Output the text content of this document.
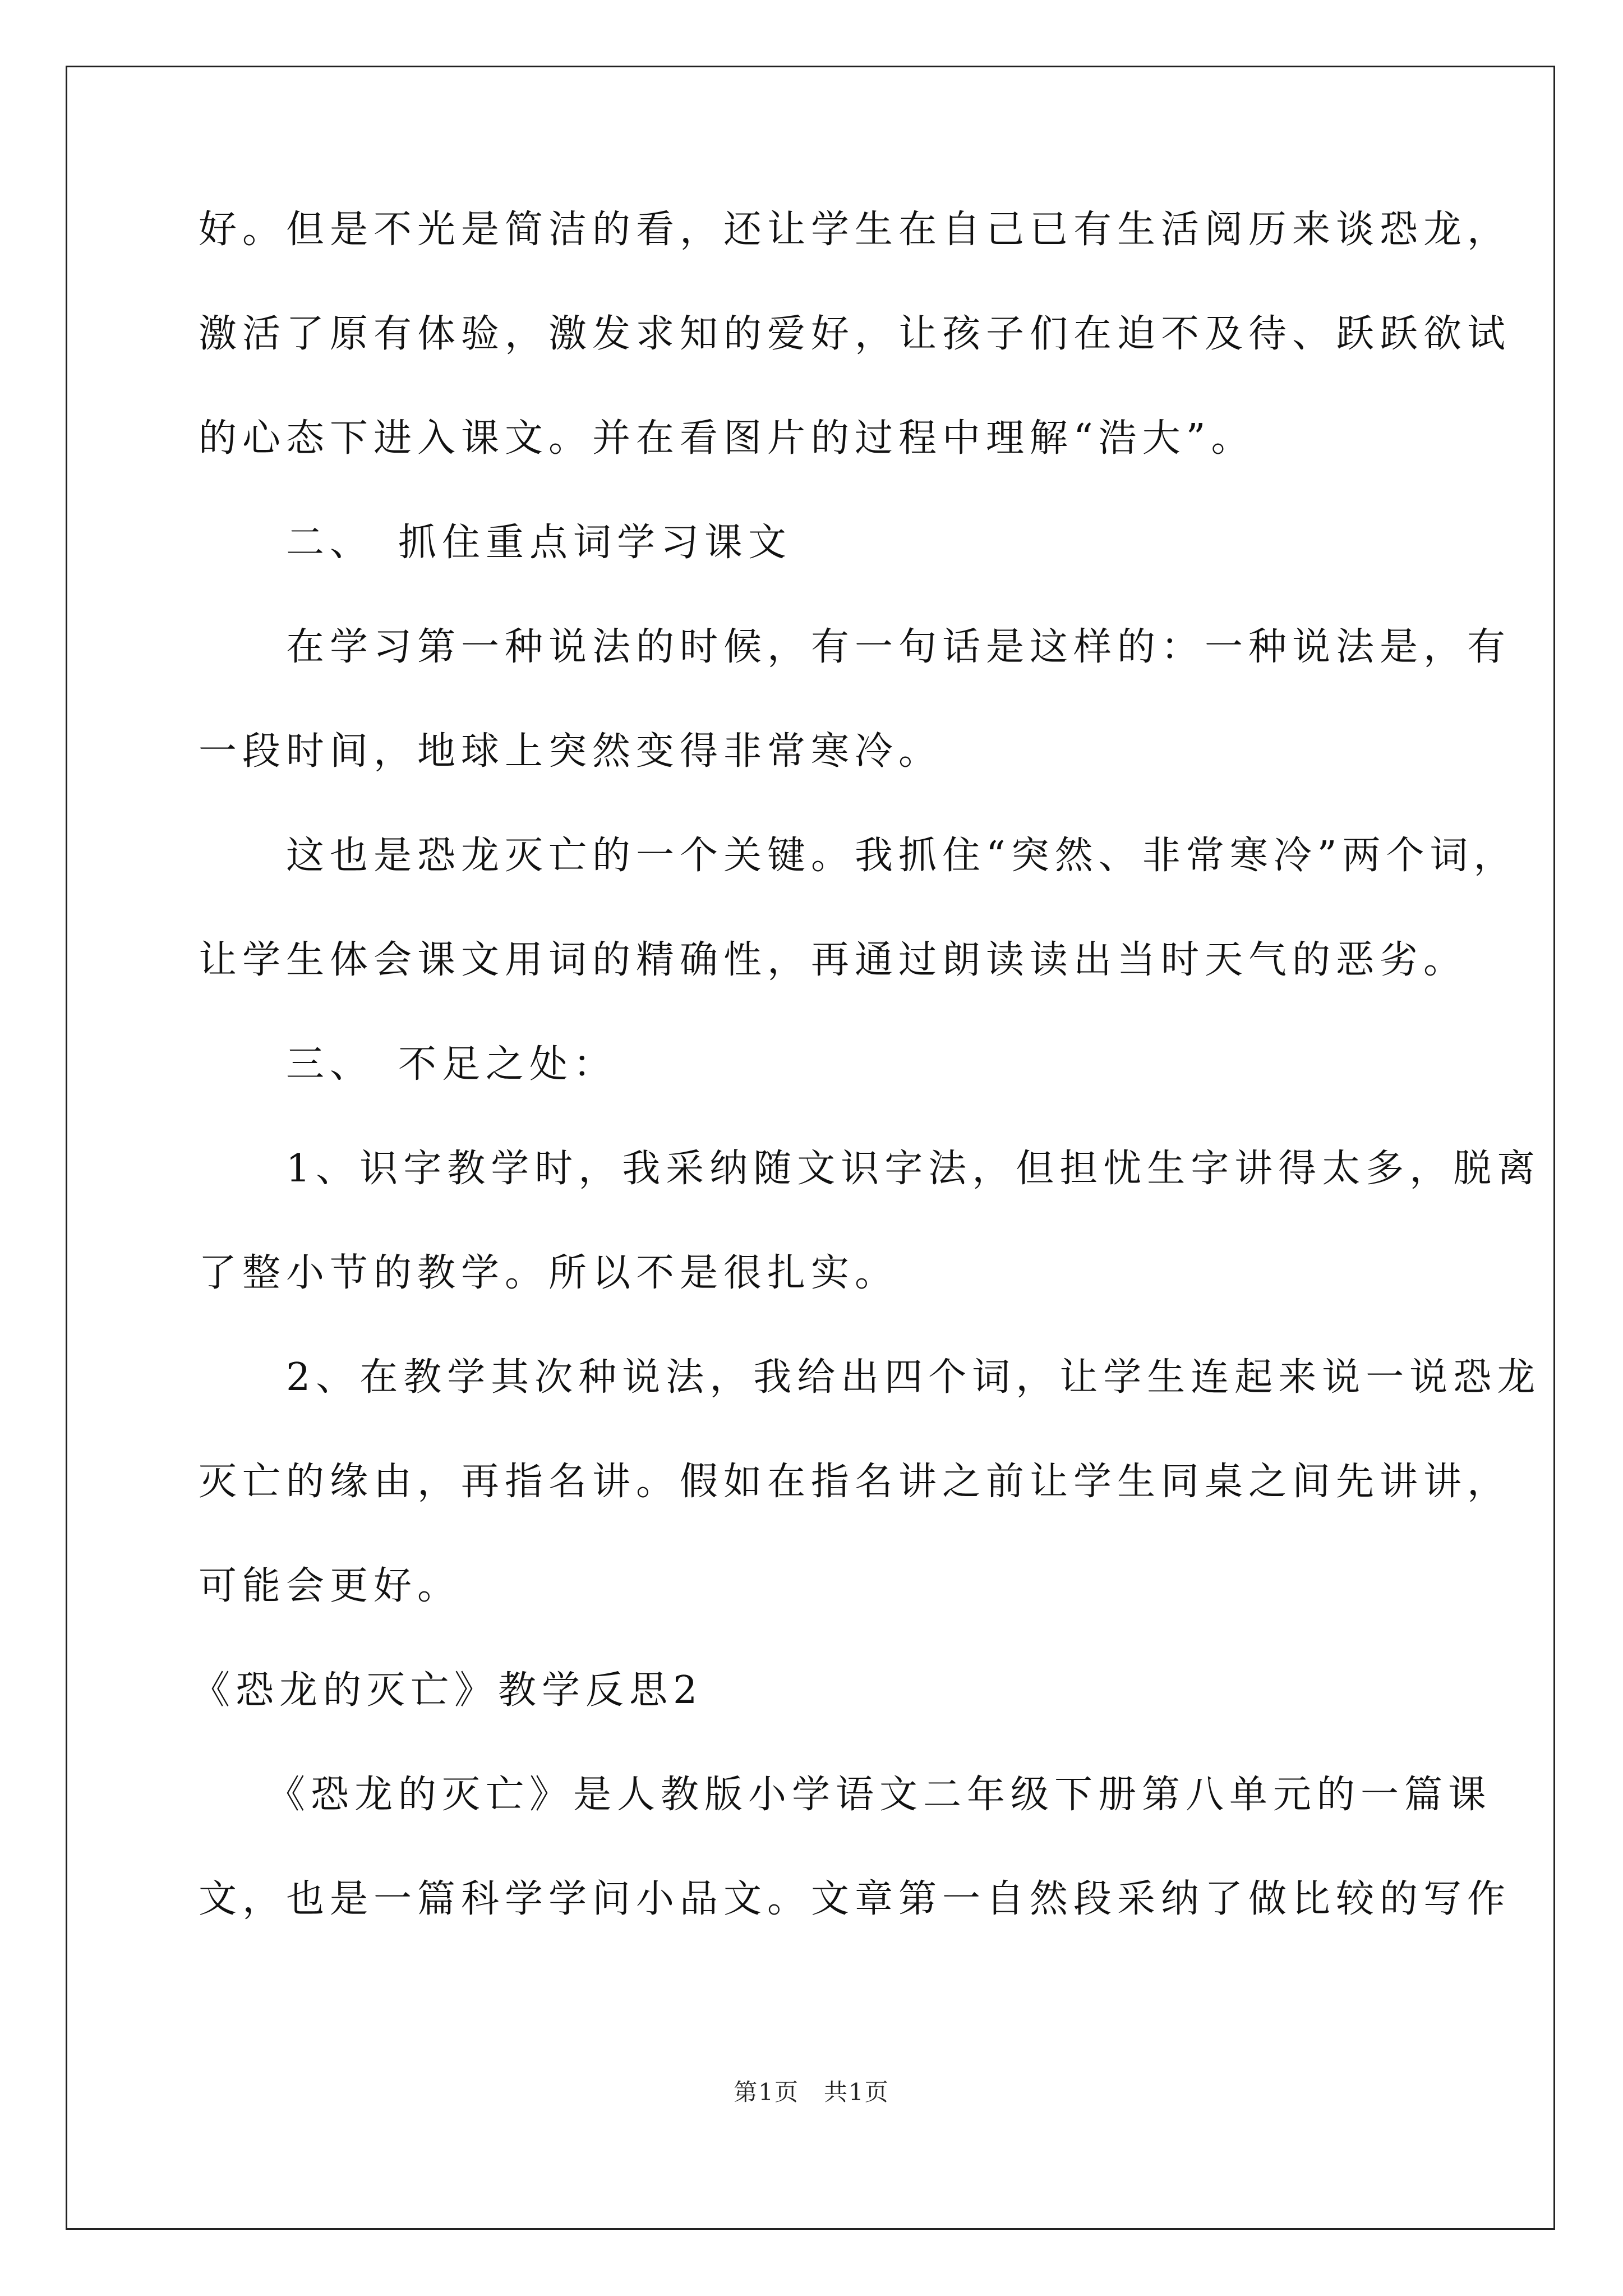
好。但是不光是简洁的看，还让学生在自己已有生活阅历来谈恐龙，
激活了原有体验，激发求知的爱好，让孩子们在迫不及待、跃跃欲试
的心态下进入课文。并在看图片的过程中理解“浩大”。
　　二、　抓住重点词学习课文
　　在学习第一种说法的时候，有一句话是这样的：一种说法是，有
一段时间，地球上突然变得非常寒冷。
　　这也是恐龙灭亡的一个关键。我抓住“突然、非常寒冷”两个词，
让学生体会课文用词的精确性，再通过朗读读出当时天气的恶劣。
　　三、　不足之处：
　　1、识字教学时，我采纳随文识字法，但担忧生字讲得太多，脱离
了整小节的教学。所以不是很扎实。
　　2、在教学其次种说法，我给出四个词，让学生连起来说一说恐龙
灭亡的缘由，再指名讲。假如在指名讲之前让学生同桌之间先讲讲，
可能会更好。
《恐龙的灭亡》教学反思2
　　《恐龙的灭亡》是人教版小学语文二年级下册第八单元的一篇课
文，也是一篇科学学问小品文。文章第一自然段采纳了做比较的写作
第1页　共1页
